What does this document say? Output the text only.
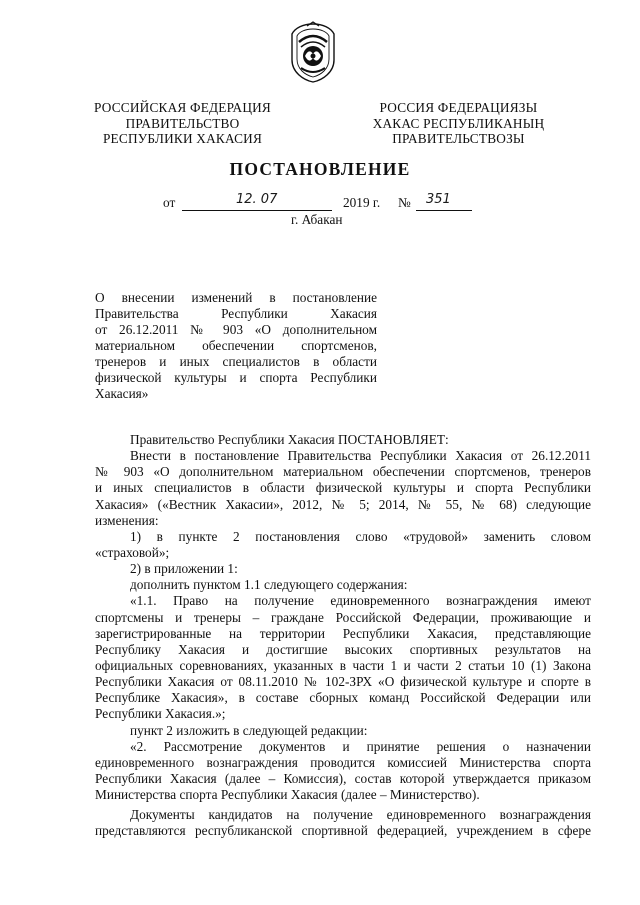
РОССИЙСКАЯ ФЕДЕРАЦИЯ
ПРАВИТЕЛЬСТВО
РЕСПУБЛИКИ ХАКАСИЯ
РОССИЯ ФЕДЕРАЦИЯЗЫ
ХАКАС РЕСПУБЛИКАНЫҢ
ПРАВИТЕЛЬСТВОЗЫ
ПОСТАНОВЛЕНИЕ
от	12. 07	2019 г. № 351
г. Абакан
О внесении изменений в постановление
Правительства Республики Хакасия
от 26.12.2011 № 903 «О дополнительном
материальном обеспечении спортсменов,
тренеров и иных специалистов в области
физической культуры и спорта Республики
Хакасия»
Правительство Республики Хакасия ПОСТАНОВЛЯЕТ:
Внести в постановление Правительства Республики Хакасия от 26.12.2011
№ 903 «О дополнительном материальном обеспечении спортсменов, тренеров
и иных специалистов в области физической культуры и спорта Республики
Хакасия» («Вестник Хакасии», 2012, № 5; 2014, № 55, № 68) следующие
изменения:
1) в пункте 2 постановления слово «трудовой» заменить словом
«страховой»;
2) в приложении 1:
дополнить пунктом 1.1 следующего содержания:
«1.1. Право на получение единовременного вознаграждения имеют
спортсмены и тренеры – граждане Российской Федерации, проживающие и
зарегистрированные на территории Республики Хакасия, представляющие
Республику Хакасия и достигшие высоких спортивных результатов на
официальных соревнованиях, указанных в части 1 и части 2 статьи 10 (1) Закона
Республики Хакасия от 08.11.2010 № 102-ЗРХ «О физической культуре и спорте в
Республике Хакасия», в составе сборных команд Российской Федерации или
Республики Хакасия.»;
пункт 2 изложить в следующей редакции:
«2. Рассмотрение документов и принятие решения о назначении
единовременного вознаграждения проводится комиссией Министерства спорта
Республики Хакасия (далее – Комиссия), состав которой утверждается приказом
Министерства спорта Республики Хакасия (далее – Министерство).
Документы кандидатов на получение единовременного вознаграждения
представляются республиканской спортивной федерацией, учреждением в сфере
